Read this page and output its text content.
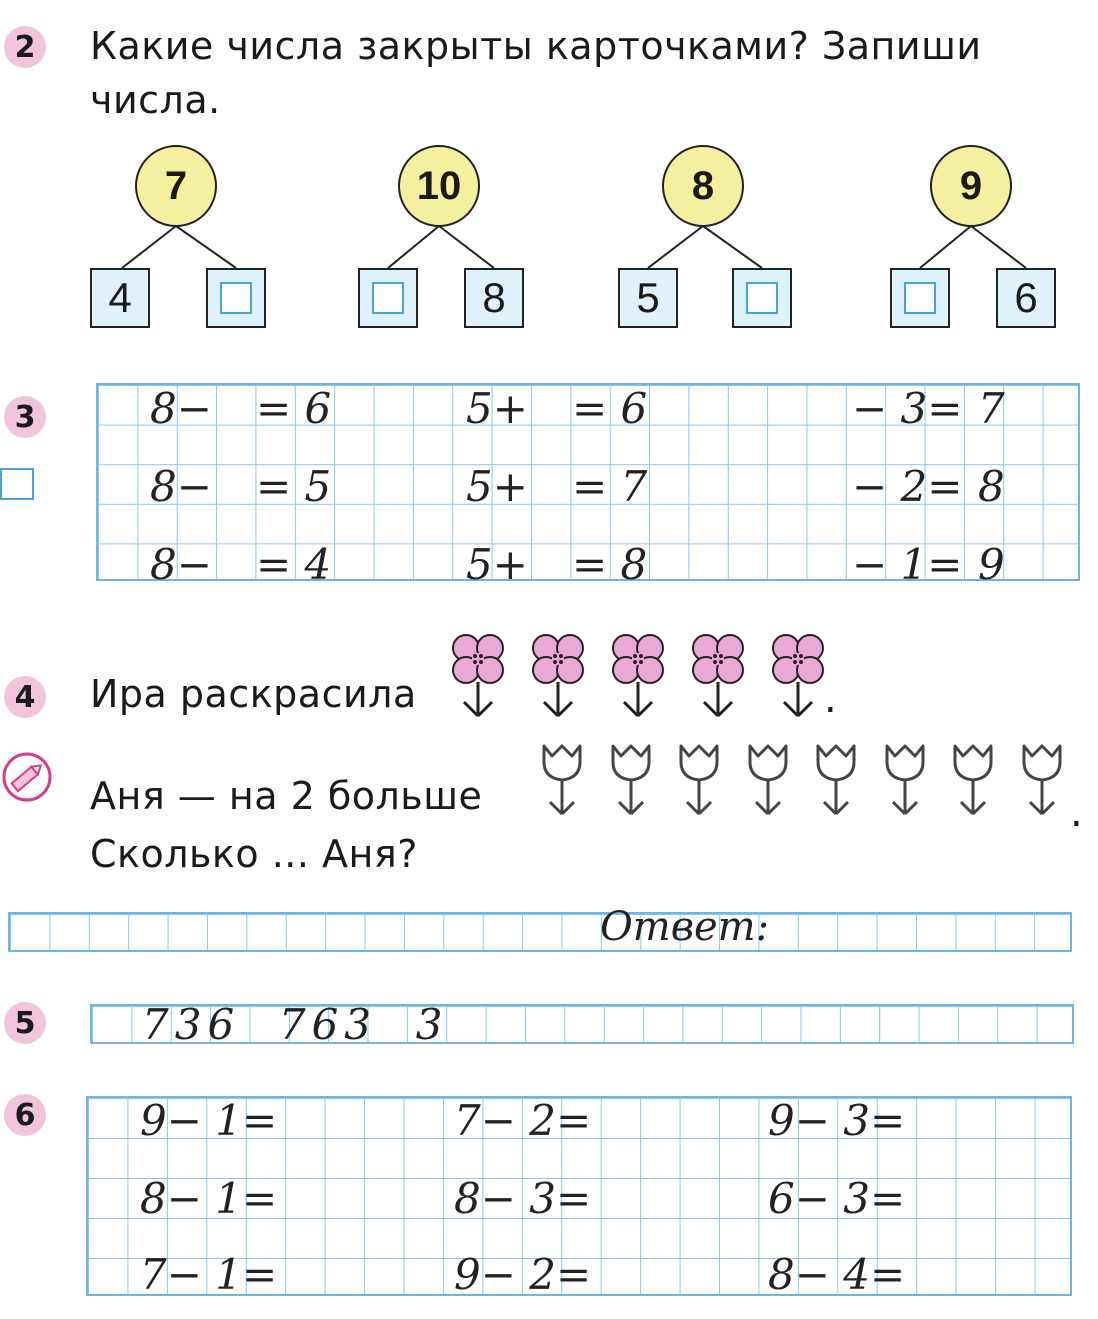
2 Какие числа закрыты карточками? Запиши
числа.
7
4
10
8
8
5
9
6
3	8− = 6	5+ = 6	− 3= 7
8− = 5	5+ = 7	− 2= 8
8− = 4	5+ = 8	− 1= 9
4 Ира раскрасила
Аня — на 2 больше
Сколько ... Аня?
.
.
Ответ:
5	736  763  3
6 9− 1=	7− 2=	9− 3=
8− 1=	8− 3=	6− 3=
7− 1=	9− 2=	8− 4=
